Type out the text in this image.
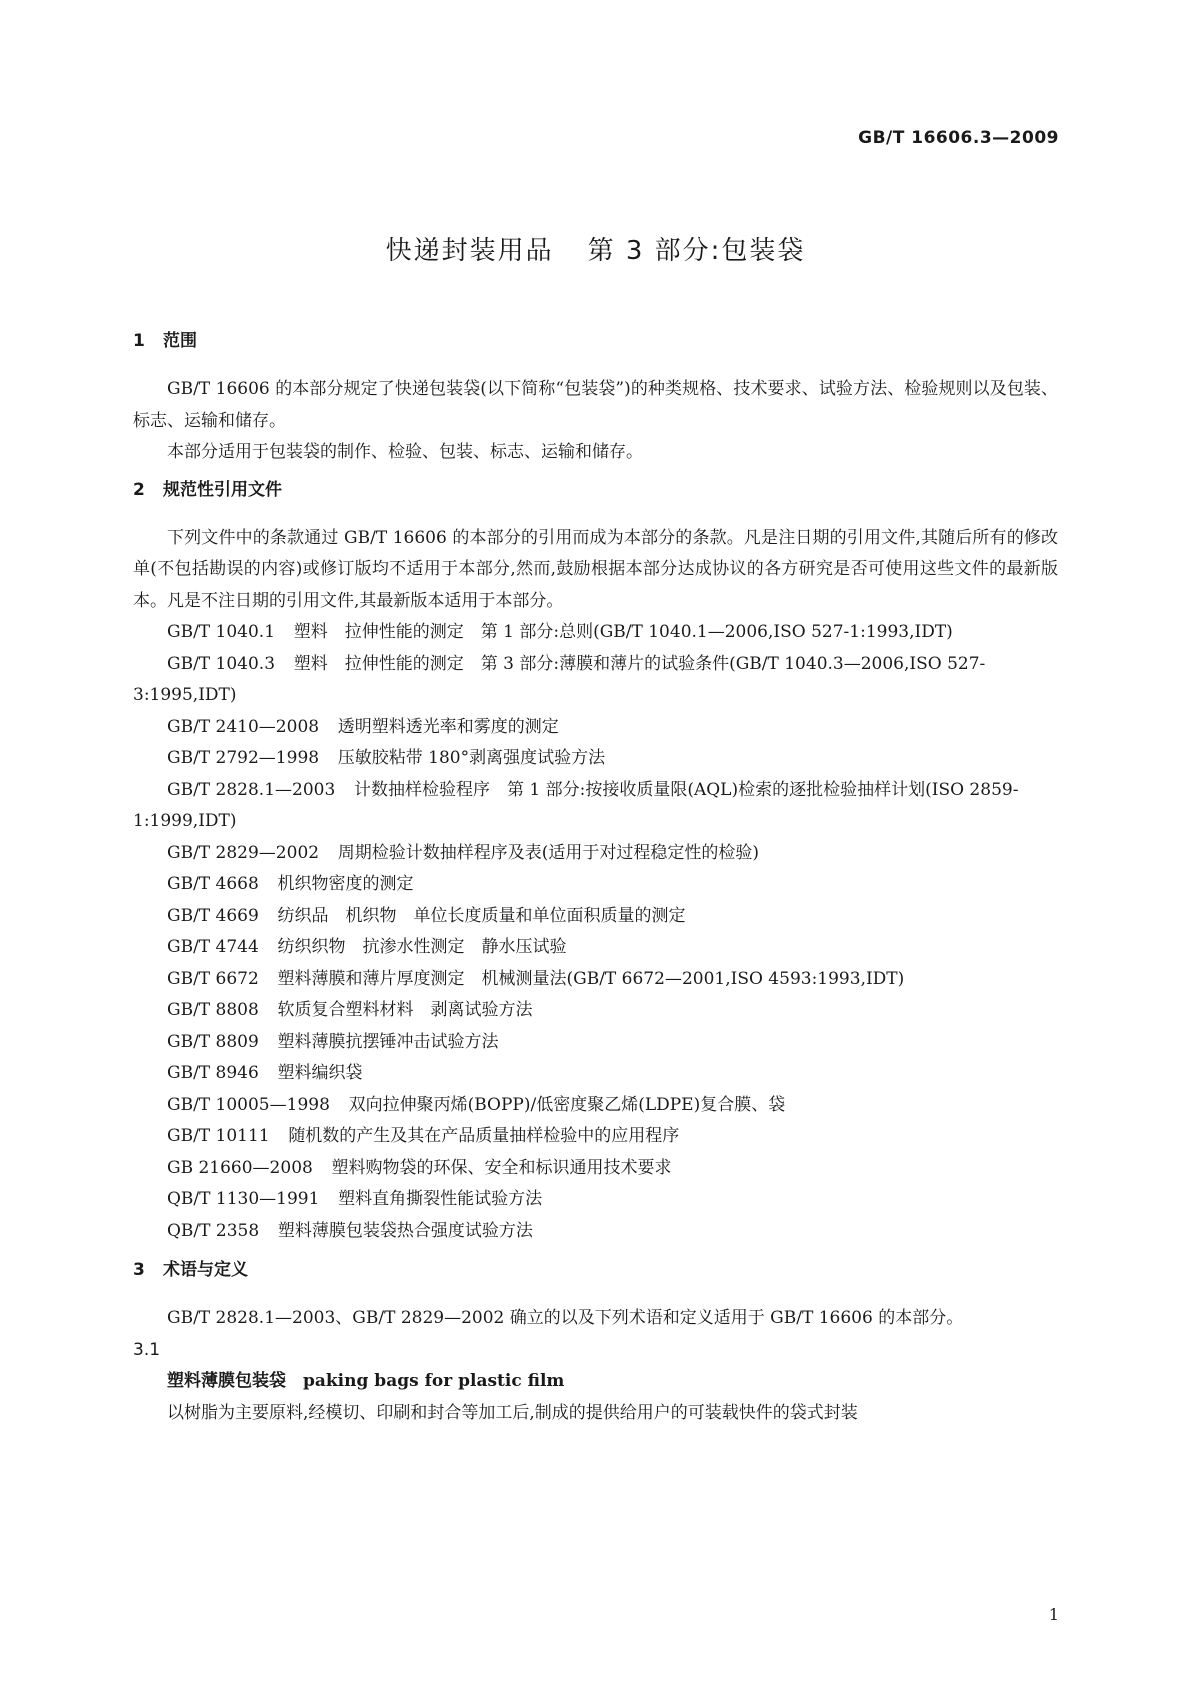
GB/T 16606.3—2009
快递封装用品 第 3 部分:包装袋
1 范围

GB/T 16606 的本部分规定了快递包装袋(以下简称“包装袋”)的种类规格、技术要求、试验方法、检验规则以及包装、标志、运输和储存。

本部分适用于包装袋的制作、检验、包装、标志、运输和储存。

2 规范性引用文件

下列文件中的条款通过 GB/T 16606 的本部分的引用而成为本部分的条款。凡是注日期的引用文件,其随后所有的修改单(不包括勘误的内容)或修订版均不适用于本部分,然而,鼓励根据本部分达成协议的各方研究是否可使用这些文件的最新版本。凡是不注日期的引用文件,其最新版本适用于本部分。

GB/T 1040.1 塑料　拉伸性能的测定　第 1 部分:总则(GB/T 1040.1—2006,ISO 527-1:1993,IDT)
GB/T 1040.3 塑料　拉伸性能的测定　第 3 部分:薄膜和薄片的试验条件(GB/T 1040.3—2006,ISO 527-3:1995,IDT)
GB/T 2410—2008 透明塑料透光率和雾度的测定
GB/T 2792—1998 压敏胶粘带 180°剥离强度试验方法
GB/T 2828.1—2003 计数抽样检验程序　第 1 部分:按接收质量限(AQL)检索的逐批检验抽样计划(ISO 2859-1:1999,IDT)
GB/T 2829—2002 周期检验计数抽样程序及表(适用于对过程稳定性的检验)
GB/T 4668 机织物密度的测定
GB/T 4669 纺织品　机织物　单位长度质量和单位面积质量的测定
GB/T 4744 纺织织物　抗渗水性测定　静水压试验
GB/T 6672 塑料薄膜和薄片厚度测定　机械测量法(GB/T 6672—2001,ISO 4593:1993,IDT)
GB/T 8808 软质复合塑料材料　剥离试验方法
GB/T 8809 塑料薄膜抗摆锤冲击试验方法
GB/T 8946 塑料编织袋
GB/T 10005—1998 双向拉伸聚丙烯(BOPP)/低密度聚乙烯(LDPE)复合膜、袋
GB/T 10111 随机数的产生及其在产品质量抽样检验中的应用程序
GB 21660—2008 塑料购物袋的环保、安全和标识通用技术要求
QB/T 1130—1991 塑料直角撕裂性能试验方法
QB/T 2358 塑料薄膜包装袋热合强度试验方法
3 术语与定义

GB/T 2828.1—2003、GB/T 2829—2002 确立的以及下列术语和定义适用于 GB/T 16606 的本部分。

3.1
塑料薄膜包装袋 paking bags for plastic film

以树脂为主要原料,经模切、印刷和封合等加工后,制成的提供给用户的可装载快件的袋式封装

1
